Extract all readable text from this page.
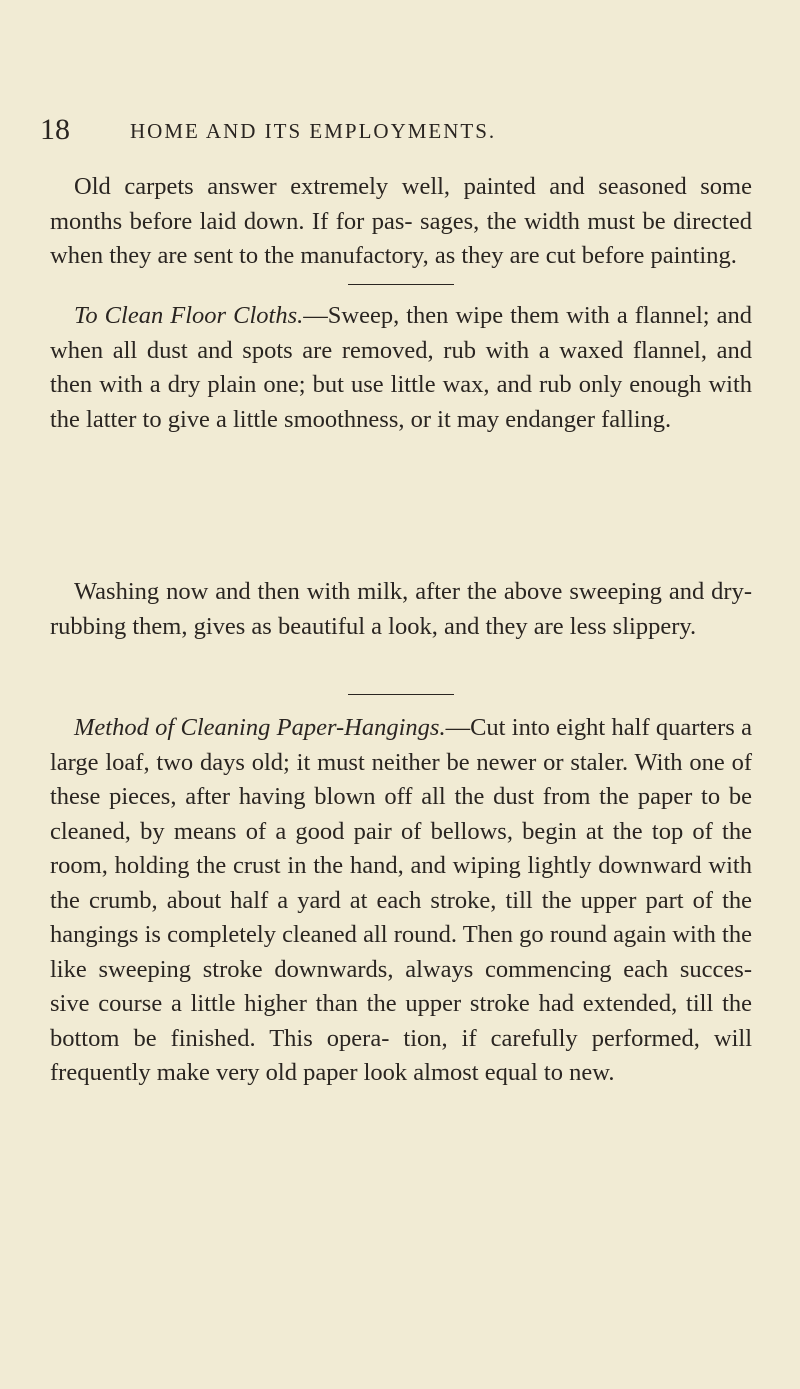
18	HOME AND ITS EMPLOYMENTS.

Old carpets answer extremely well, painted and seasoned some months before laid down. If for pas- sages, the width must be directed when they are sent to the manufactory, as they are cut before painting.

To Clean Floor Cloths.—Sweep, then wipe them with a flannel; and when all dust and spots are removed, rub with a waxed flannel, and then with a dry plain one; but use little wax, and rub only enough with the latter to give a little smoothness, or it may endanger falling.

Washing now and then with milk, after the above sweeping and dry-rubbing them, gives as beautiful a look, and they are less slippery.

Method of Cleaning Paper-Hangings.—Cut into eight half quarters a large loaf, two days old; it must neither be newer or staler. With one of these pieces, after having blown off all the dust from the paper to be cleaned, by means of a good pair of bellows, begin at the top of the room, holding the crust in the hand, and wiping lightly downward with the crumb, about half a yard at each stroke, till the upper part of the hangings is completely cleaned all round. Then go round again with the like sweeping stroke downwards, always commencing each succes- sive course a little higher than the upper stroke had extended, till the bottom be finished. This opera- tion, if carefully performed, will frequently make very old paper look almost equal to new.
